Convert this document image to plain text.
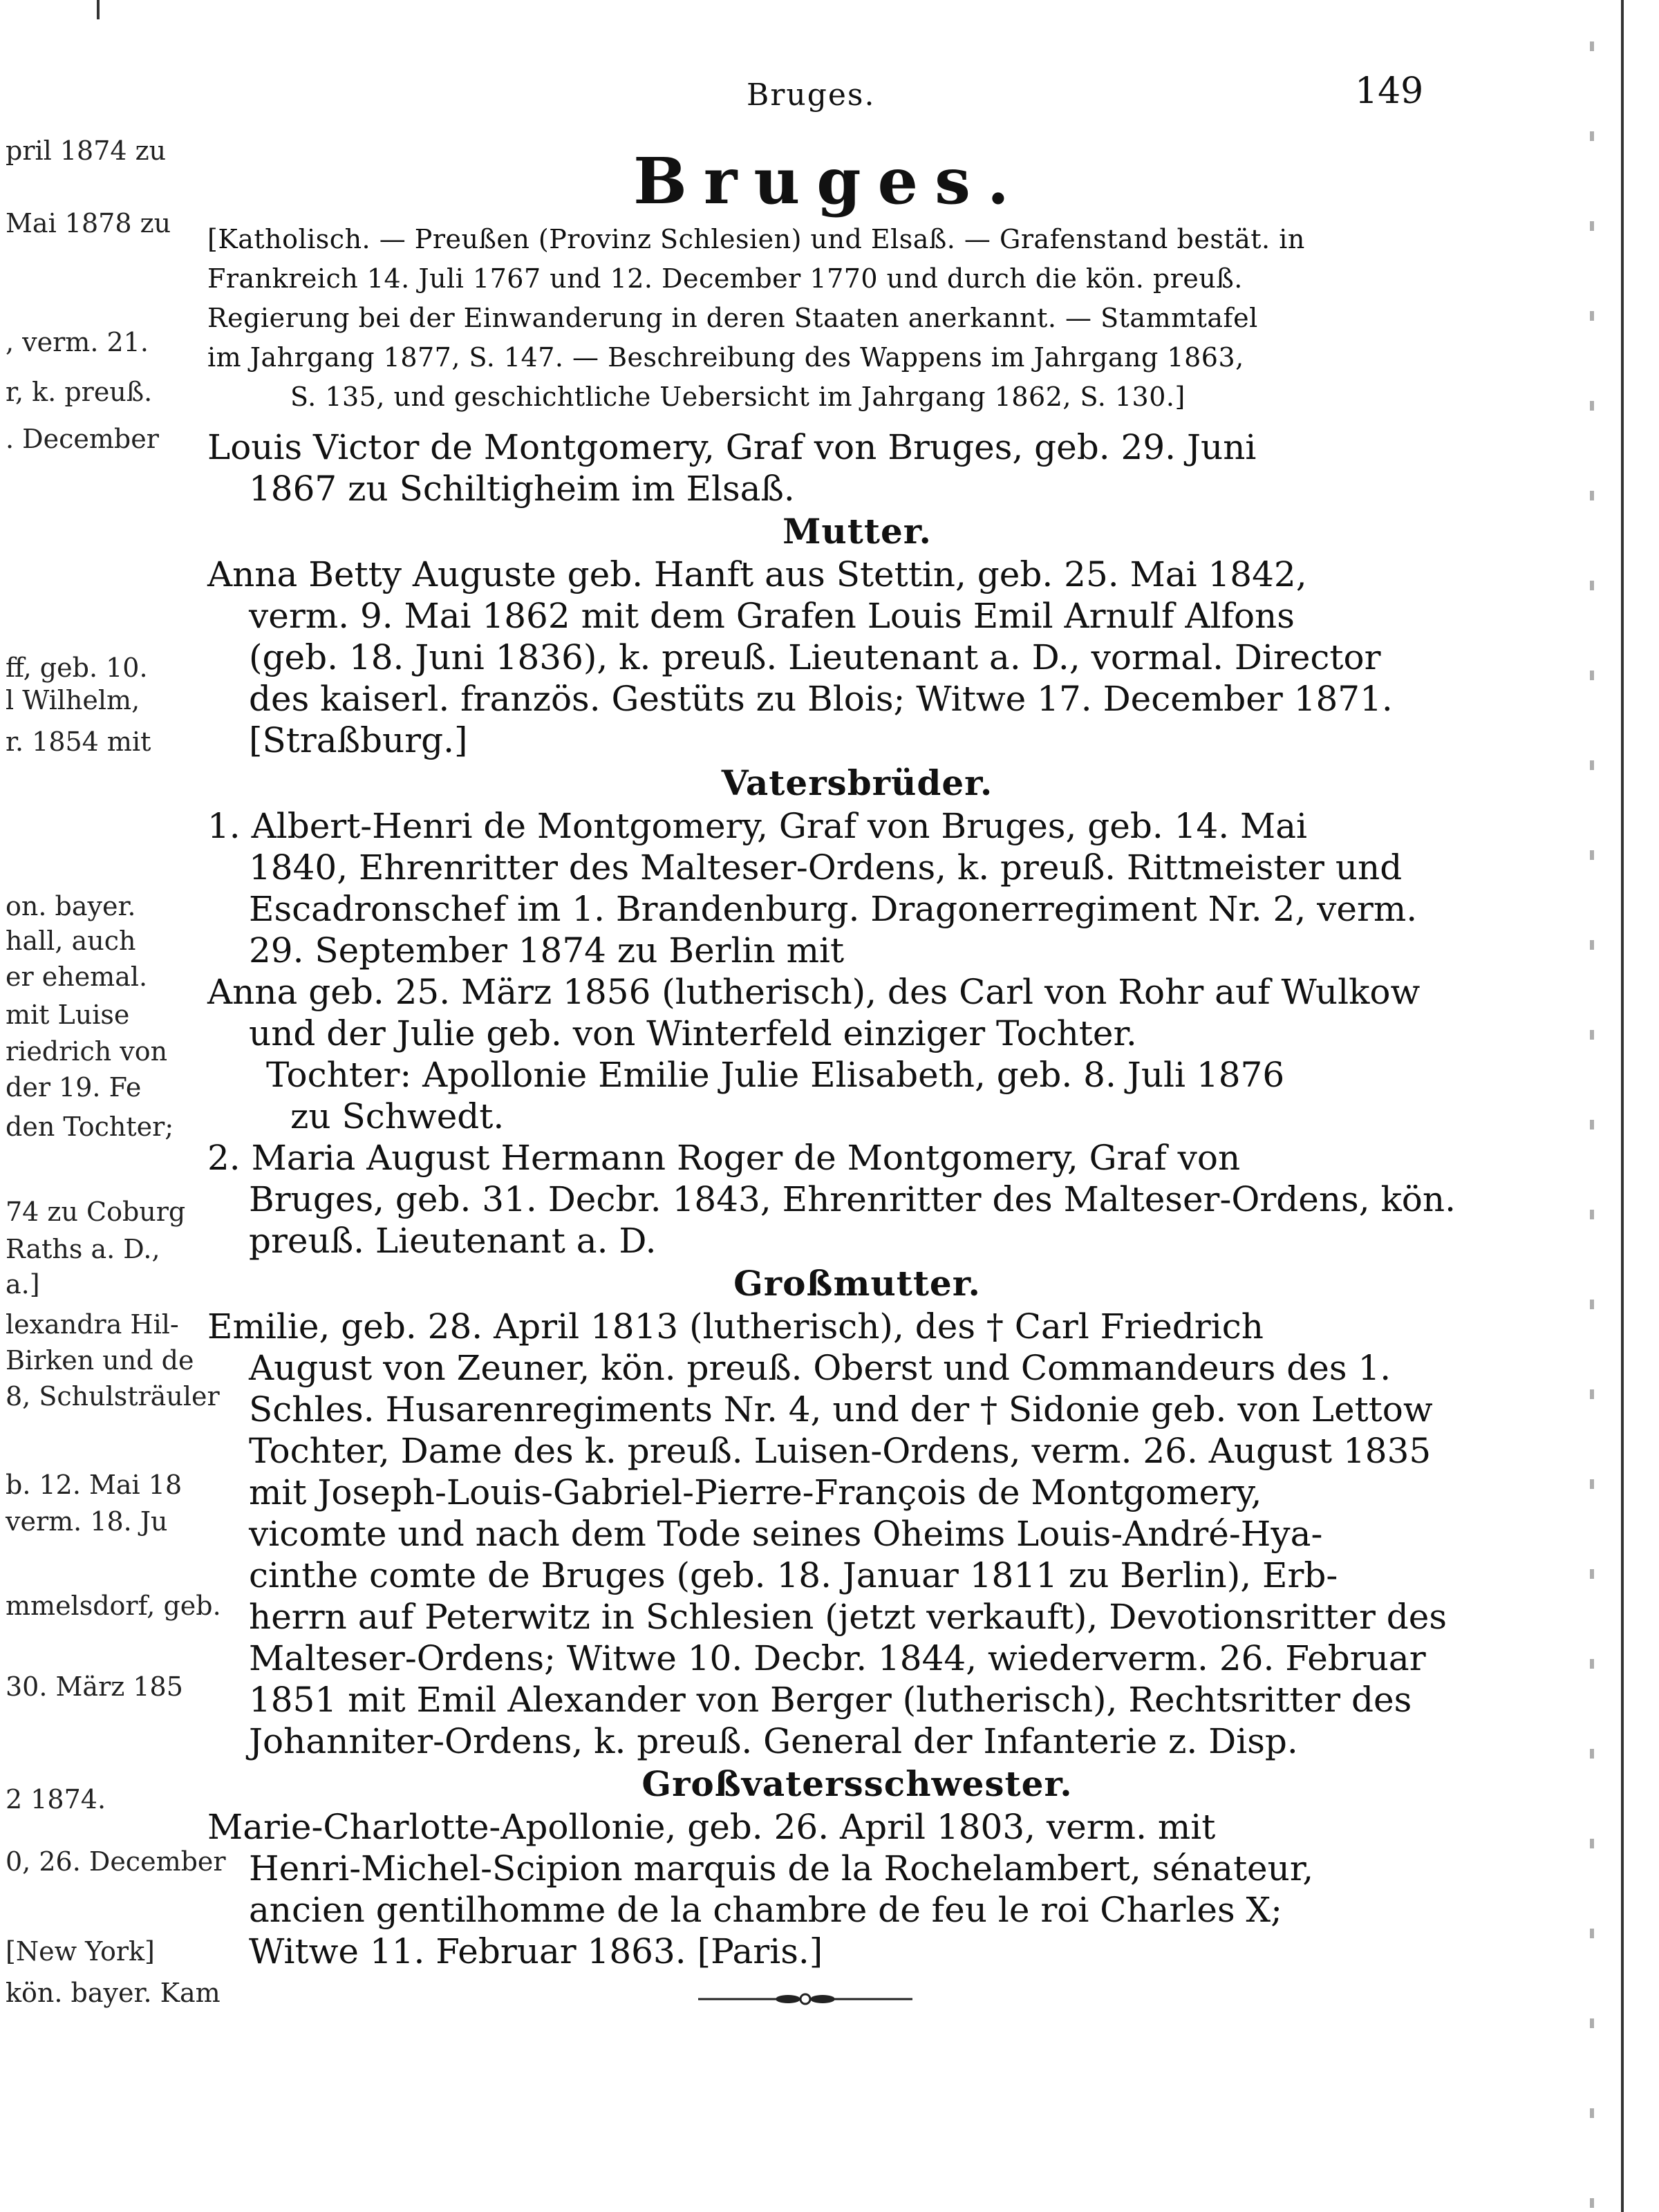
pril 1874 zu
Mai 1878 zu
, verm. 21.
r, k. preuß.
. December
ff, geb. 10.
l Wilhelm,
r. 1854 mit
on. bayer.
hall, auch
er ehemal.
mit Luise
riedrich von
der 19. Fe
den Tochter;
74 zu Coburg
Raths a. D.,
a.]
lexandra Hil-
Birken und de
8, Schulsträuler
b. 12. Mai 18
verm. 18. Ju
mmelsdorf, geb.
30. März 185
2 1874.
0, 26. December
[New York]
kön. bayer. Kam
Bruges.	149
Bruges.
[Katholisch. — Preußen (Provinz Schlesien) und Elsaß. — Grafenstand bestät. in
Frankreich 14. Juli 1767 und 12. December 1770 und durch die kön. preuß.
Regierung bei der Einwanderung in deren Staaten anerkannt. — Stammtafel
im Jahrgang 1877, S. 147. — Beschreibung des Wappens im Jahrgang 1863,
S. 135, und geschichtliche Uebersicht im Jahrgang 1862, S. 130.]
Louis Victor de Montgomery, Graf von Bruges, geb. 29. Juni
1867 zu Schiltigheim im Elsaß.
Mutter.
Anna Betty Auguste geb. Hanft aus Stettin, geb. 25. Mai 1842,
verm. 9. Mai 1862 mit dem Grafen Louis Emil Arnulf Alfons
(geb. 18. Juni 1836), k. preuß. Lieutenant a. D., vormal. Director
des kaiserl. französ. Gestüts zu Blois; Witwe 17. December 1871.
[Straßburg.]
Vatersbrüder.
1. Albert-Henri de Montgomery, Graf von Bruges, geb. 14. Mai
1840, Ehrenritter des Malteser-Ordens, k. preuß. Rittmeister und
Escadronschef im 1. Brandenburg. Dragonerregiment Nr. 2, verm.
29. September 1874 zu Berlin mit
Anna geb. 25. März 1856 (lutherisch), des Carl von Rohr auf Wulkow
und der Julie geb. von Winterfeld einziger Tochter.
Tochter: Apollonie Emilie Julie Elisabeth, geb. 8. Juli 1876
zu Schwedt.
2. Maria August Hermann Roger de Montgomery, Graf von
Bruges, geb. 31. Decbr. 1843, Ehrenritter des Malteser-Ordens, kön.
preuß. Lieutenant a. D.
Großmutter.
Emilie, geb. 28. April 1813 (lutherisch), des † Carl Friedrich
August von Zeuner, kön. preuß. Oberst und Commandeurs des 1.
Schles. Husarenregiments Nr. 4, und der † Sidonie geb. von Lettow
Tochter, Dame des k. preuß. Luisen-Ordens, verm. 26. August 1835
mit Joseph-Louis-Gabriel-Pierre-François de Montgomery,
vicomte und nach dem Tode seines Oheims Louis-André-Hya-
cinthe comte de Bruges (geb. 18. Januar 1811 zu Berlin), Erb-
herrn auf Peterwitz in Schlesien (jetzt verkauft), Devotionsritter des
Malteser-Ordens; Witwe 10. Decbr. 1844, wiederverm. 26. Februar
1851 mit Emil Alexander von Berger (lutherisch), Rechtsritter des
Johanniter-Ordens, k. preuß. General der Infanterie z. Disp.
Großvatersschwester.
Marie-Charlotte-Apollonie, geb. 26. April 1803, verm. mit
Henri-Michel-Scipion marquis de la Rochelambert, sénateur,
ancien gentilhomme de la chambre de feu le roi Charles X;
Witwe 11. Februar 1863. [Paris.]
